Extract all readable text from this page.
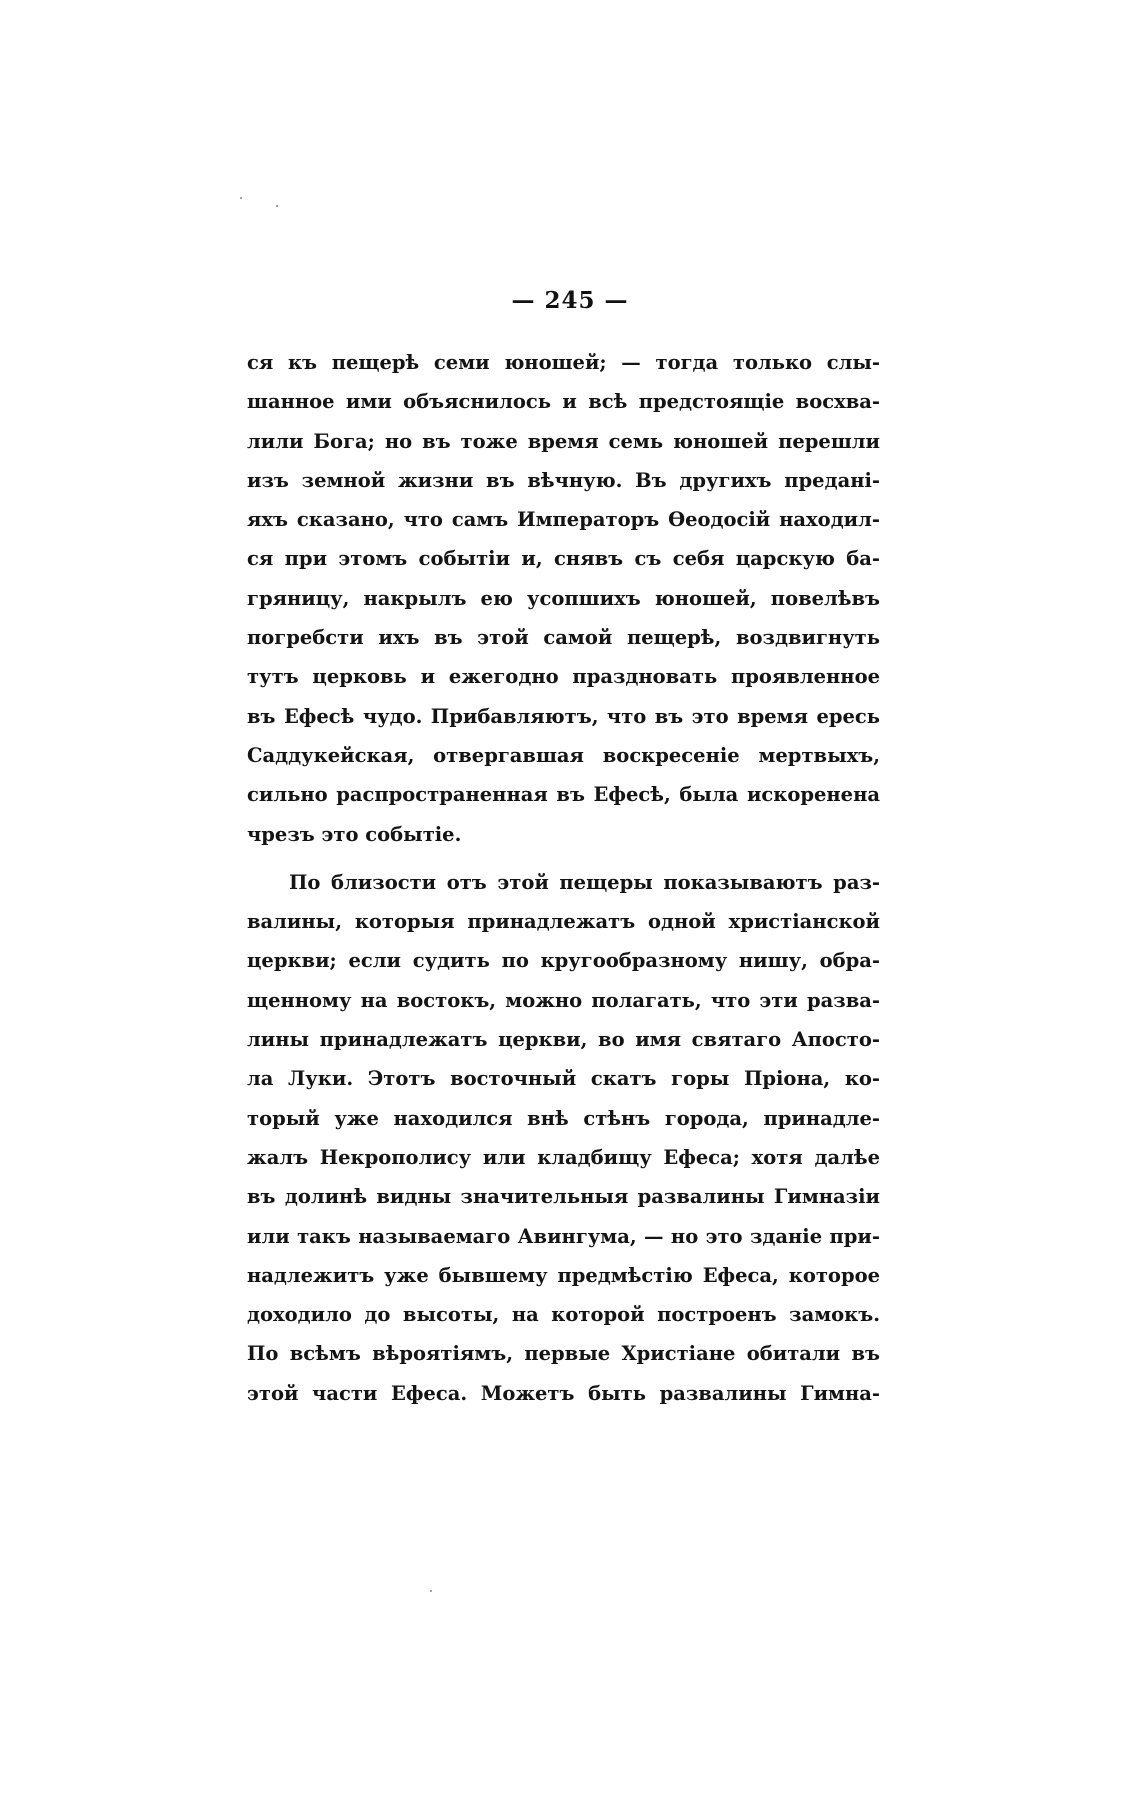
— 245 —
ся къ пещерѣ семи юношей; — тогда только слы-
шанное ими объяснилось и всѣ предстоящіе восхва-
лили Бога; но въ тоже время семь юношей перешли
изъ земной жизни въ вѣчную. Въ другихъ преданi-
яхъ сказано, что самъ Императоръ Ѳеодосій находил-
ся при этомъ событіи и, снявъ съ себя царскую ба-
гряницу, накрылъ ею усопшихъ юношей, повелѣвъ
погребсти ихъ въ этой самой пещерѣ, воздвигнуть
тутъ церковь и ежегодно праздновать проявленное
въ Ефесѣ чудо. Прибавляютъ, что въ это время ересь
Саддукейская, отвергавшая воскресеніе мертвыхъ,
сильно распространенная въ Ефесѣ, была искоренена
чрезъ это событіе.
По близости отъ этой пещеры показываютъ раз-
валины, которыя принадлежатъ одной христіанской
церкви; если судить по кругообразному нишу, обра-
щенному на востокъ, можно полагать, что эти разва-
лины принадлежатъ церкви, во имя святаго Апосто-
ла Луки. Этотъ восточный скатъ горы Пріона, ко-
торый уже находился внѣ стѣнъ города, принадле-
жалъ Некрополису или кладбищу Ефеса; хотя далѣе
въ долинѣ видны значительныя развалины Гимназіи
или такъ называемаго Авингума, — но это зданіе при-
надлежитъ уже бывшему предмѣстію Ефеса, которое
доходило до высоты, на которой построенъ замокъ.
По всѣмъ вѣроятіямъ, первые Христіане обитали въ
этой части Ефеса. Можетъ быть развалины Гимна-
